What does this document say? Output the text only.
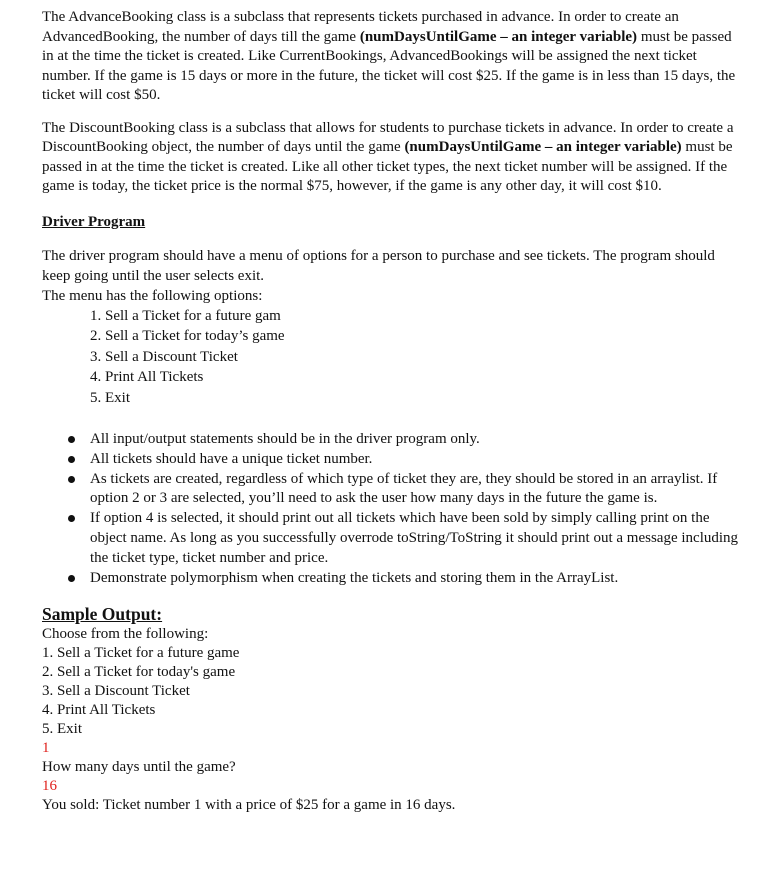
The AdvanceBooking class is a subclass that represents tickets purchased in advance. In order to create an AdvancedBooking, the number of days till the game (numDaysUntilGame – an integer variable) must be passed in at the time the ticket is created. Like CurrentBookings, AdvancedBookings will be assigned the next ticket number. If the game is 15 days or more in the future, the ticket will cost $25. If the game is in less than 15 days, the ticket will cost $50.

The DiscountBooking class is a subclass that allows for students to purchase tickets in advance. In order to create a DiscountBooking object, the number of days until the game (numDaysUntilGame – an integer variable) must be passed in at the time the ticket is created. Like all other ticket types, the next ticket number will be assigned. If the game is today, the ticket price is the normal $75, however, if the game is any other day, it will cost $10.

Driver Program

The driver program should have a menu of options for a person to purchase and see tickets. The program should keep going until the user selects exit.

The menu has the following options:

1. Sell a Ticket for a future gam
2. Sell a Ticket for today’s game
3. Sell a Discount Ticket
4. Print All Tickets
5. Exit
All input/output statements should be in the driver program only.
All tickets should have a unique ticket number.
As tickets are created, regardless of which type of ticket they are, they should be stored in an arraylist. If option 2 or 3 are selected, you’ll need to ask the user how many days in the future the game is.
If option 4 is selected, it should print out all tickets which have been sold by simply calling print on the object name. As long as you successfully overrode toString/ToString it should print out a message including the ticket type, ticket number and price.
Demonstrate polymorphism when creating the tickets and storing them in the ArrayList.
Sample Output:
Choose from the following:
1. Sell a Ticket for a future game
2. Sell a Ticket for today's game
3. Sell a Discount Ticket
4. Print All Tickets
5. Exit
1
How many days until the game?
16
You sold: Ticket number 1 with a price of $25 for a game in 16 days.
